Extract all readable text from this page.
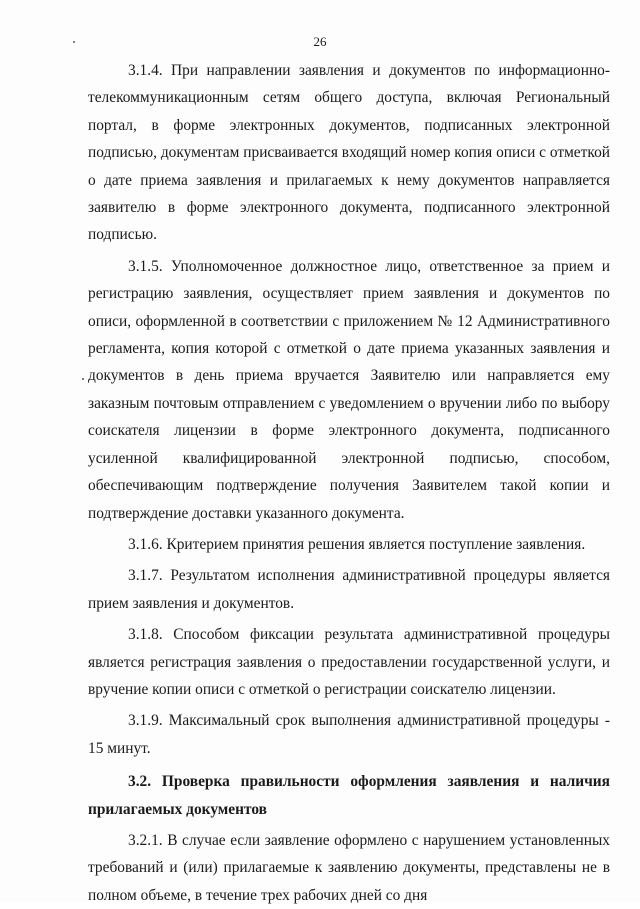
26

3.1.4. При направлении заявления и документов по информационно-телекоммуникационным сетям общего доступа, включая Региональный портал, в форме электронных документов, подписанных электронной подписью, документам присваивается входящий номер копия описи с отметкой о дате приема заявления и прилагаемых к нему документов направляется заявителю в форме электронного документа, подписанного электронной подписью.

3.1.5. Уполномоченное должностное лицо, ответственное за прием и регистрацию заявления, осуществляет прием заявления и документов по описи, оформленной в соответствии с приложением № 12 Административного регламента, копия которой с отметкой о дате приема указанных заявления и документов в день приема вручается Заявителю или направляется ему заказным почтовым отправлением с уведомлением о вручении либо по выбору соискателя лицензии в форме электронного документа, подписанного усиленной квалифицированной электронной подписью, способом, обеспечивающим подтверждение получения Заявителем такой копии и подтверждение доставки указанного документа.

3.1.6. Критерием принятия решения является поступление заявления.

3.1.7. Результатом исполнения административной процедуры является прием заявления и документов.

3.1.8. Способом фиксации результата административной процедуры является регистрация заявления о предоставлении государственной услуги, и вручение копии описи с отметкой о регистрации соискателю лицензии.

3.1.9. Максимальный срок выполнения административной процедуры - 15 минут.

3.2. Проверка правильности оформления заявления и наличия прилагаемых документов

3.2.1. В случае если заявление оформлено с нарушением установленных требований и (или) прилагаемые к заявлению документы, представлены не в полном объеме, в течение трех рабочих дней со дня
